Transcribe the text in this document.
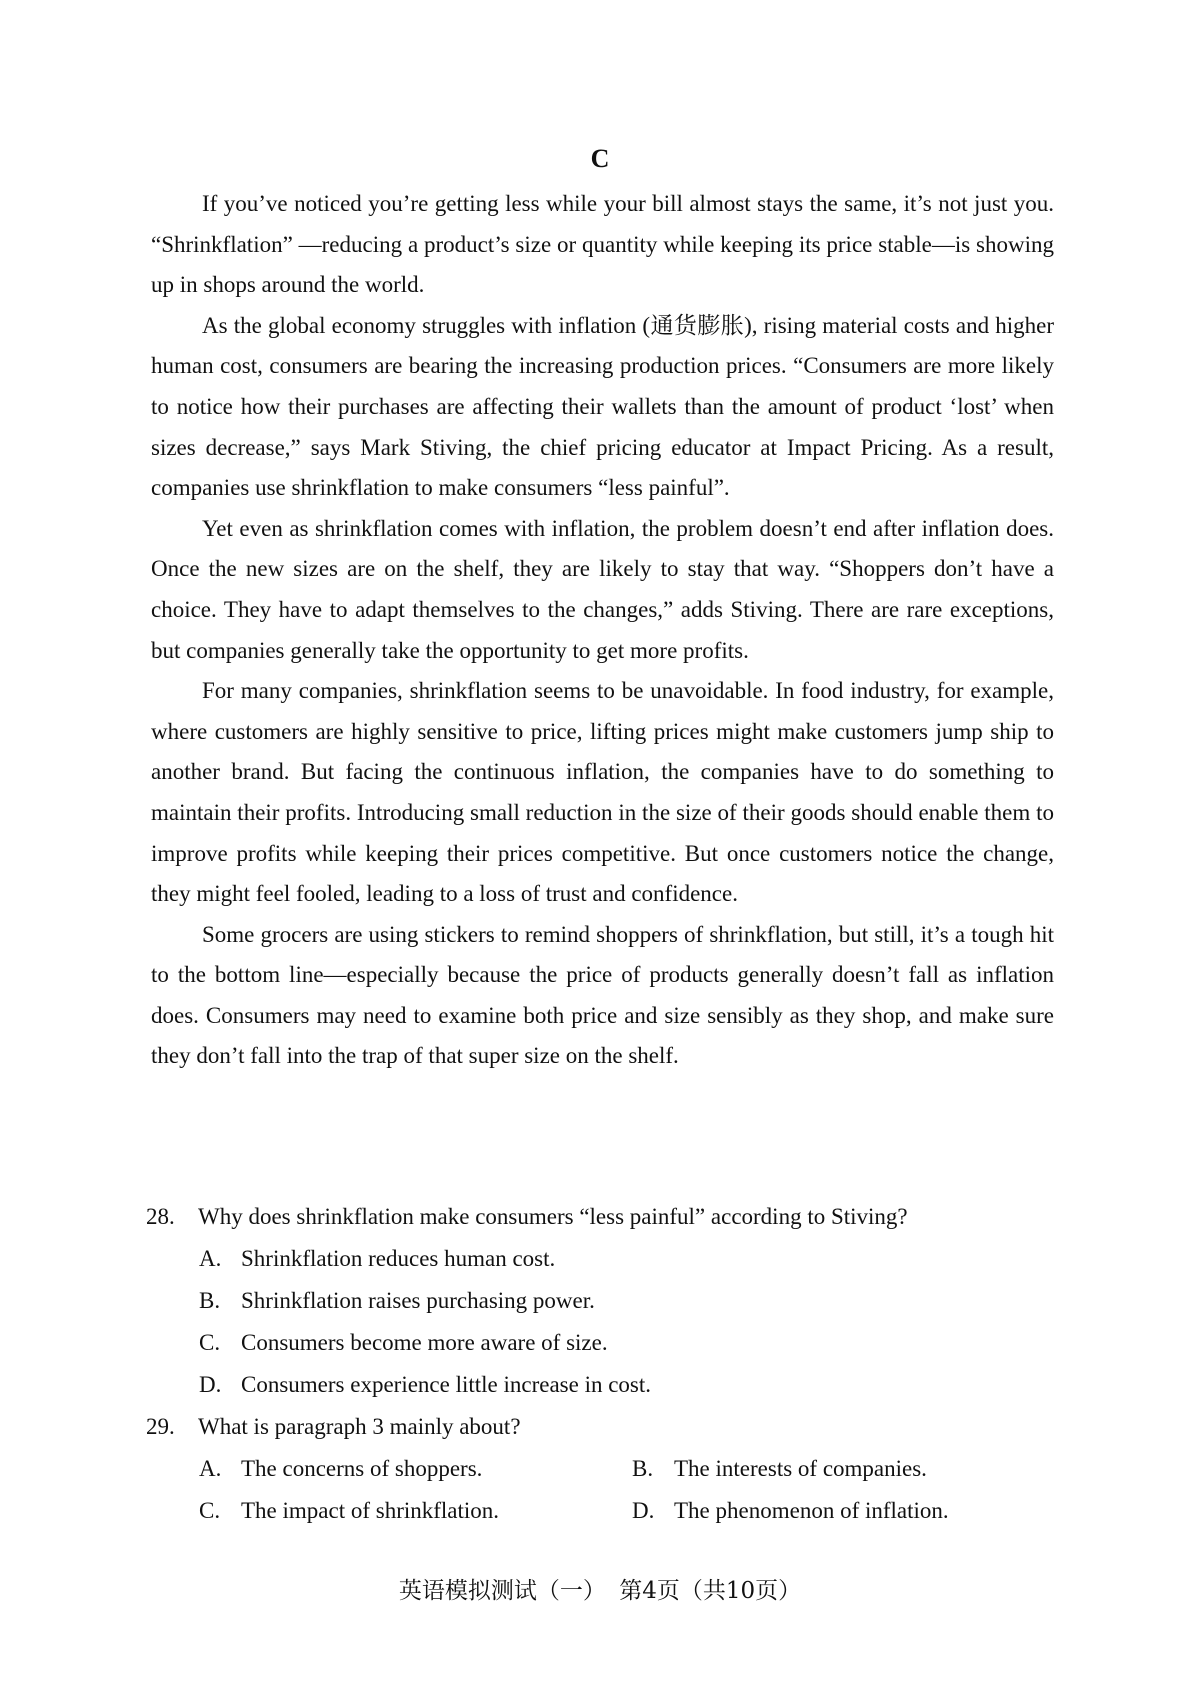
C

If you’ve noticed you’re getting less while your bill almost stays the same, it’s not just you. “Shrinkflation” —reducing a product’s size or quantity while keeping its price stable—is showing up in shops around the world.

As the global economy struggles with inflation (通货膨胀), rising material costs and higher human cost, consumers are bearing the increasing production prices. “Consumers are more likely to notice how their purchases are affecting their wallets than the amount of product ‘lost’ when sizes decrease,” says Mark Stiving, the chief pricing educator at Impact Pricing. As a result, companies use shrinkflation to make consumers “less painful”.

Yet even as shrinkflation comes with inflation, the problem doesn’t end after inflation does. Once the new sizes are on the shelf, they are likely to stay that way. “Shoppers don’t have a choice. They have to adapt themselves to the changes,” adds Stiving. There are rare exceptions, but companies generally take the opportunity to get more profits.

For many companies, shrinkflation seems to be unavoidable. In food industry, for example, where customers are highly sensitive to price, lifting prices might make customers jump ship to another brand. But facing the continuous inflation, the companies have to do something to maintain their profits. Introducing small reduction in the size of their goods should enable them to improve profits while keeping their prices competitive. But once customers notice the change, they might feel fooled, leading to a loss of trust and confidence.

Some grocers are using stickers to remind shoppers of shrinkflation, but still, it’s a tough hit to the bottom line—especially because the price of products generally doesn’t fall as inflation does. Consumers may need to examine both price and size sensibly as they shop, and make sure they don’t fall into the trap of that super size on the shelf.

28. Why does shrinkflation make consumers “less painful” according to Stiving?
A. Shrinkflation reduces human cost.
B. Shrinkflation raises purchasing power.
C. Consumers become more aware of size.
D. Consumers experience little increase in cost.
29. What is paragraph 3 mainly about?
A. The concerns of shoppers.	B. The interests of companies.
C. The impact of shrinkflation.	D. The phenomenon of inflation.
英语模拟测试（一） 第4页（共10页）
